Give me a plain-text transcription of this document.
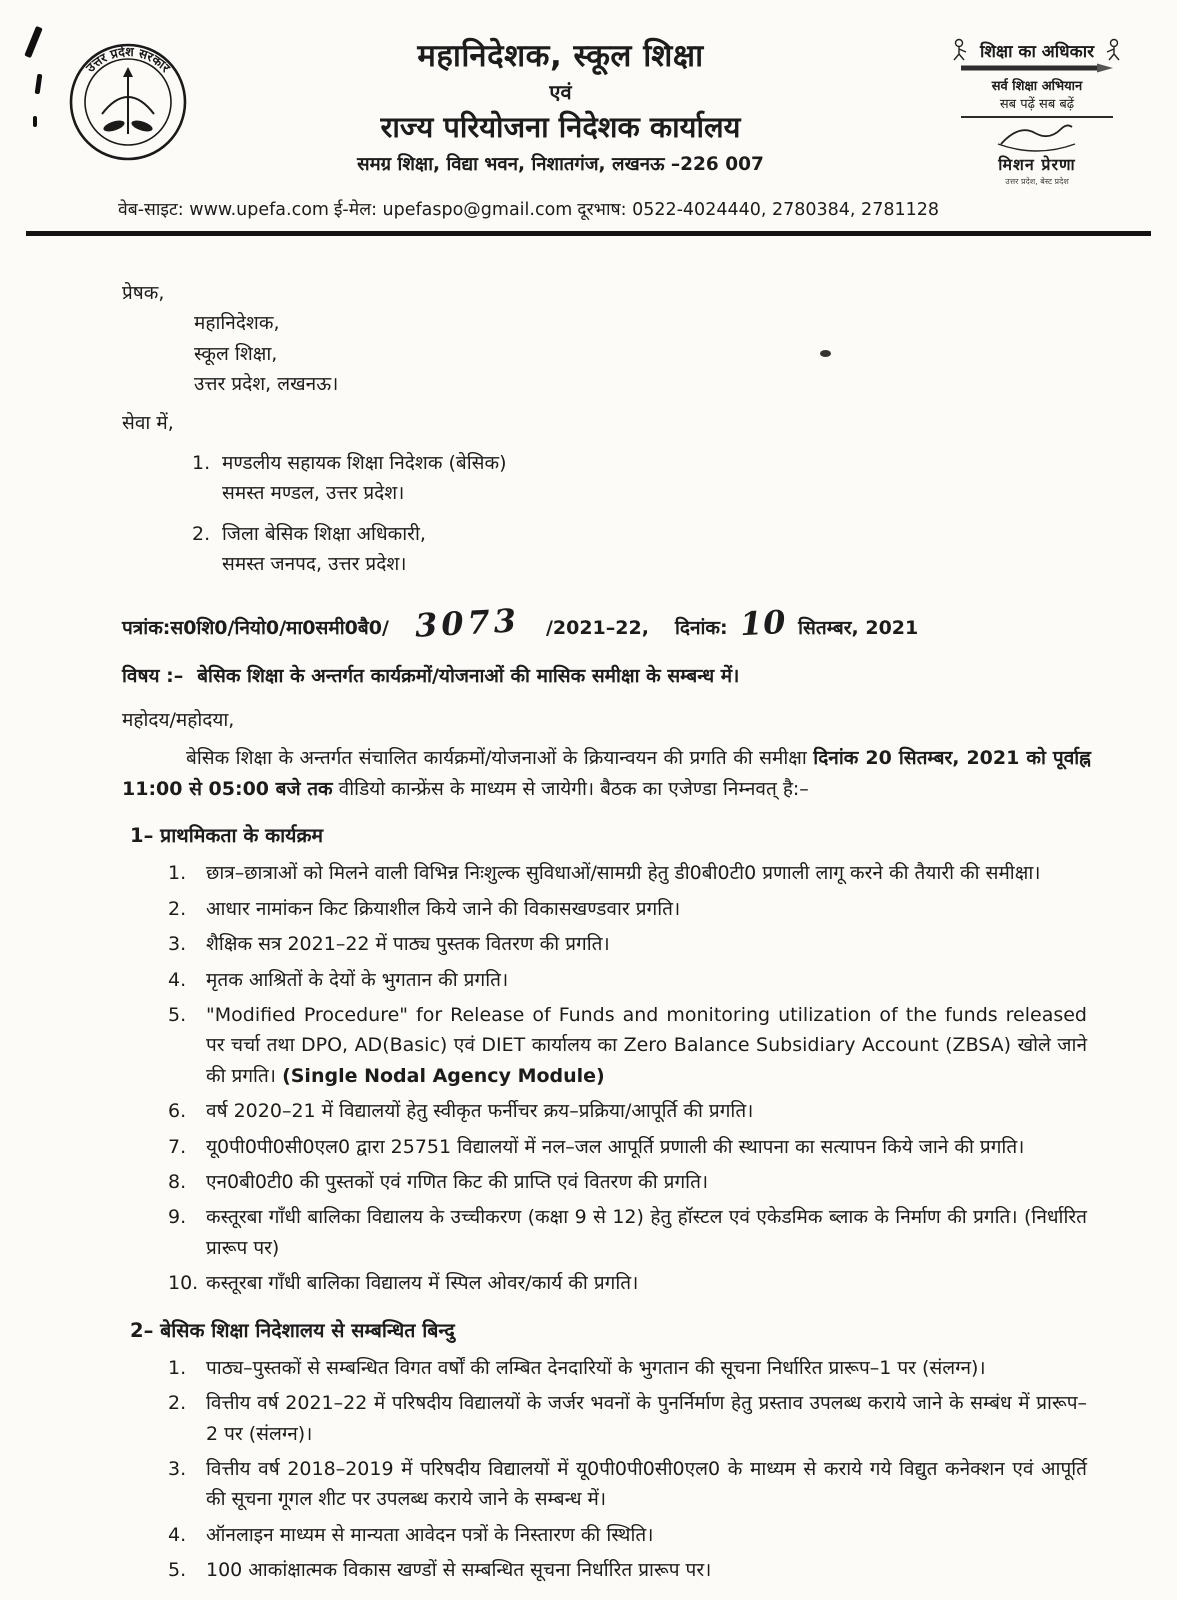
उत्तर प्रदेश सरकार	महानिदेशक, स्कूल शिक्षा
एवं
राज्य परियोजना निदेशक कार्यालय
समग्र शिक्षा, विद्या भवन, निशातगंज, लखनऊ –226 007
शिक्षा का अधिकार
सर्व शिक्षा अभियान
सब पढ़ें सब बढ़ें
मिशन प्रेरणा
उत्तर प्रदेश, बेस्ट प्रदेश
वेब-साइट: www.upefa.com ई-मेल: upefaspo@gmail.com दूरभाष: 0522-4024440, 2780384, 2781128
प्रेषक,
महानिदेशक,
स्कूल शिक्षा,
उत्तर प्रदेश, लखनऊ।
सेवा में,
1. मण्डलीय सहायक शिक्षा निदेशक (बेसिक)
समस्त मण्डल, उत्तर प्रदेश।
2. जिला बेसिक शिक्षा अधिकारी,
समस्त जनपद, उत्तर प्रदेश।
पत्रांक:स0शि0/नियो0/मा0समी0बै0/ 3073 /2021–22, दिनांक: 10 सितम्बर, 2021
विषय :– बेसिक शिक्षा के अन्तर्गत कार्यक्रमों/योजनाओं की मासिक समीक्षा के सम्बन्ध में।
महोदय/महोदया,

बेसिक शिक्षा के अन्तर्गत संचालित कार्यक्रमों/योजनाओं के क्रियान्वयन की प्रगति की समीक्षा दिनांक 20 सितम्बर, 2021 को पूर्वाह्न 11:00 से 05:00 बजे तक वीडियो कान्फ्रेंस के माध्यम से जायेगी। बैठक का एजेण्डा निम्नवत् है:–

1– प्राथमिकता के कार्यक्रम
1.	छात्र–छात्राओं को मिलने वाली विभिन्न निःशुल्क सुविधाओं/सामग्री हेतु डी0बी0टी0 प्रणाली लागू करने की तैयारी की समीक्षा।
2.	आधार नामांकन किट क्रियाशील किये जाने की विकासखण्डवार प्रगति।
3.	शैक्षिक सत्र 2021–22 में पाठ्य पुस्तक वितरण की प्रगति।
4.	मृतक आश्रितों के देयों के भुगतान की प्रगति।
5.	"Modified Procedure" for Release of Funds and monitoring utilization of the funds released पर चर्चा तथा DPO, AD(Basic) एवं DIET कार्यालय का Zero Balance Subsidiary Account (ZBSA) खोले जाने की प्रगति। (Single Nodal Agency Module)
6.	वर्ष 2020–21 में विद्यालयों हेतु स्वीकृत फर्नीचर क्रय–प्रक्रिया/आपूर्ति की प्रगति।
7.	यू0पी0पी0सी0एल0 द्वारा 25751 विद्यालयों में नल–जल आपूर्ति प्रणाली की स्थापना का सत्यापन किये जाने की प्रगति।
8.	एन0बी0टी0 की पुस्तकों एवं गणित किट की प्राप्ति एवं वितरण की प्रगति।
9.	कस्तूरबा गाँधी बालिका विद्यालय के उच्चीकरण (कक्षा 9 से 12) हेतु हॉस्टल एवं एकेडमिक ब्लाक के निर्माण की प्रगति। (निर्धारित प्रारूप पर)
10. कस्तूरबा गाँधी बालिका विद्यालय में स्पिल ओवर/कार्य की प्रगति।
2– बेसिक शिक्षा निदेशालय से सम्बन्धित बिन्दु
1.	पाठ्य–पुस्तकों से सम्बन्धित विगत वर्षों की लम्बित देनदारियों के भुगतान की सूचना निर्धारित प्रारूप–1 पर (संलग्न)।
2.	वित्तीय वर्ष 2021–22 में परिषदीय विद्यालयों के जर्जर भवनों के पुनर्निर्माण हेतु प्रस्ताव उपलब्ध कराये जाने के सम्बंध में प्रारूप–2 पर (संलग्न)।
3.	वित्तीय वर्ष 2018–2019 में परिषदीय विद्यालयों में यू0पी0पी0सी0एल0 के माध्यम से कराये गये विद्युत कनेक्शन एवं आपूर्ति की सूचना गूगल शीट पर उपलब्ध कराये जाने के सम्बन्ध में।
4.	ऑनलाइन माध्यम से मान्यता आवेदन पत्रों के निस्तारण की स्थिति।
5.	100 आकांक्षात्मक विकास खण्डों से सम्बन्धित सूचना निर्धारित प्रारूप पर।
